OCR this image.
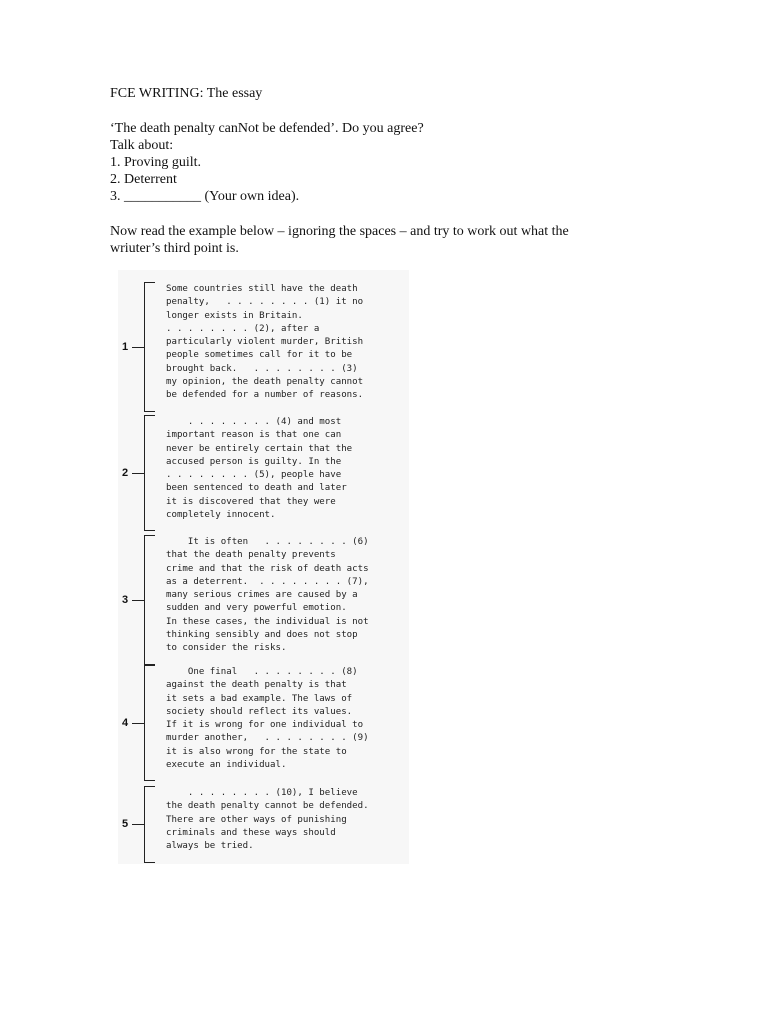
FCE WRITING: The essay

‘The death penalty canNot be defended’. Do you agree?

Talk about:

1. Proving guilt.

2. Deterrent

3. ___________ (Your own idea).

Now read the example below – ignoring the spaces – and try to work out what the

wriuter’s third point is.

1
Some countries still have the death
penalty,   . . . . . . . . (1) it no
longer exists in Britain.
. . . . . . . . (2), after a
particularly violent murder, British
people sometimes call for it to be
brought back.   . . . . . . . . (3)
my opinion, the death penalty cannot
be defended for a number of reasons.
2
. . . . . . . . (4) and most
important reason is that one can
never be entirely certain that the
accused person is guilty. In the
. . . . . . . . (5), people have
been sentenced to death and later
it is discovered that they were
completely innocent.
3
It is often   . . . . . . . . (6)
that the death penalty prevents
crime and that the risk of death acts
as a deterrent.  . . . . . . . . (7),
many serious crimes are caused by a
sudden and very powerful emotion.
In these cases, the individual is not
thinking sensibly and does not stop
to consider the risks.
4
One final   . . . . . . . . (8)
against the death penalty is that
it sets a bad example. The laws of
society should reflect its values.
If it is wrong for one individual to
murder another,   . . . . . . . . (9)
it is also wrong for the state to
execute an individual.
5
. . . . . . . . (10), I believe
the death penalty cannot be defended.
There are other ways of punishing
criminals and these ways should
always be tried.
